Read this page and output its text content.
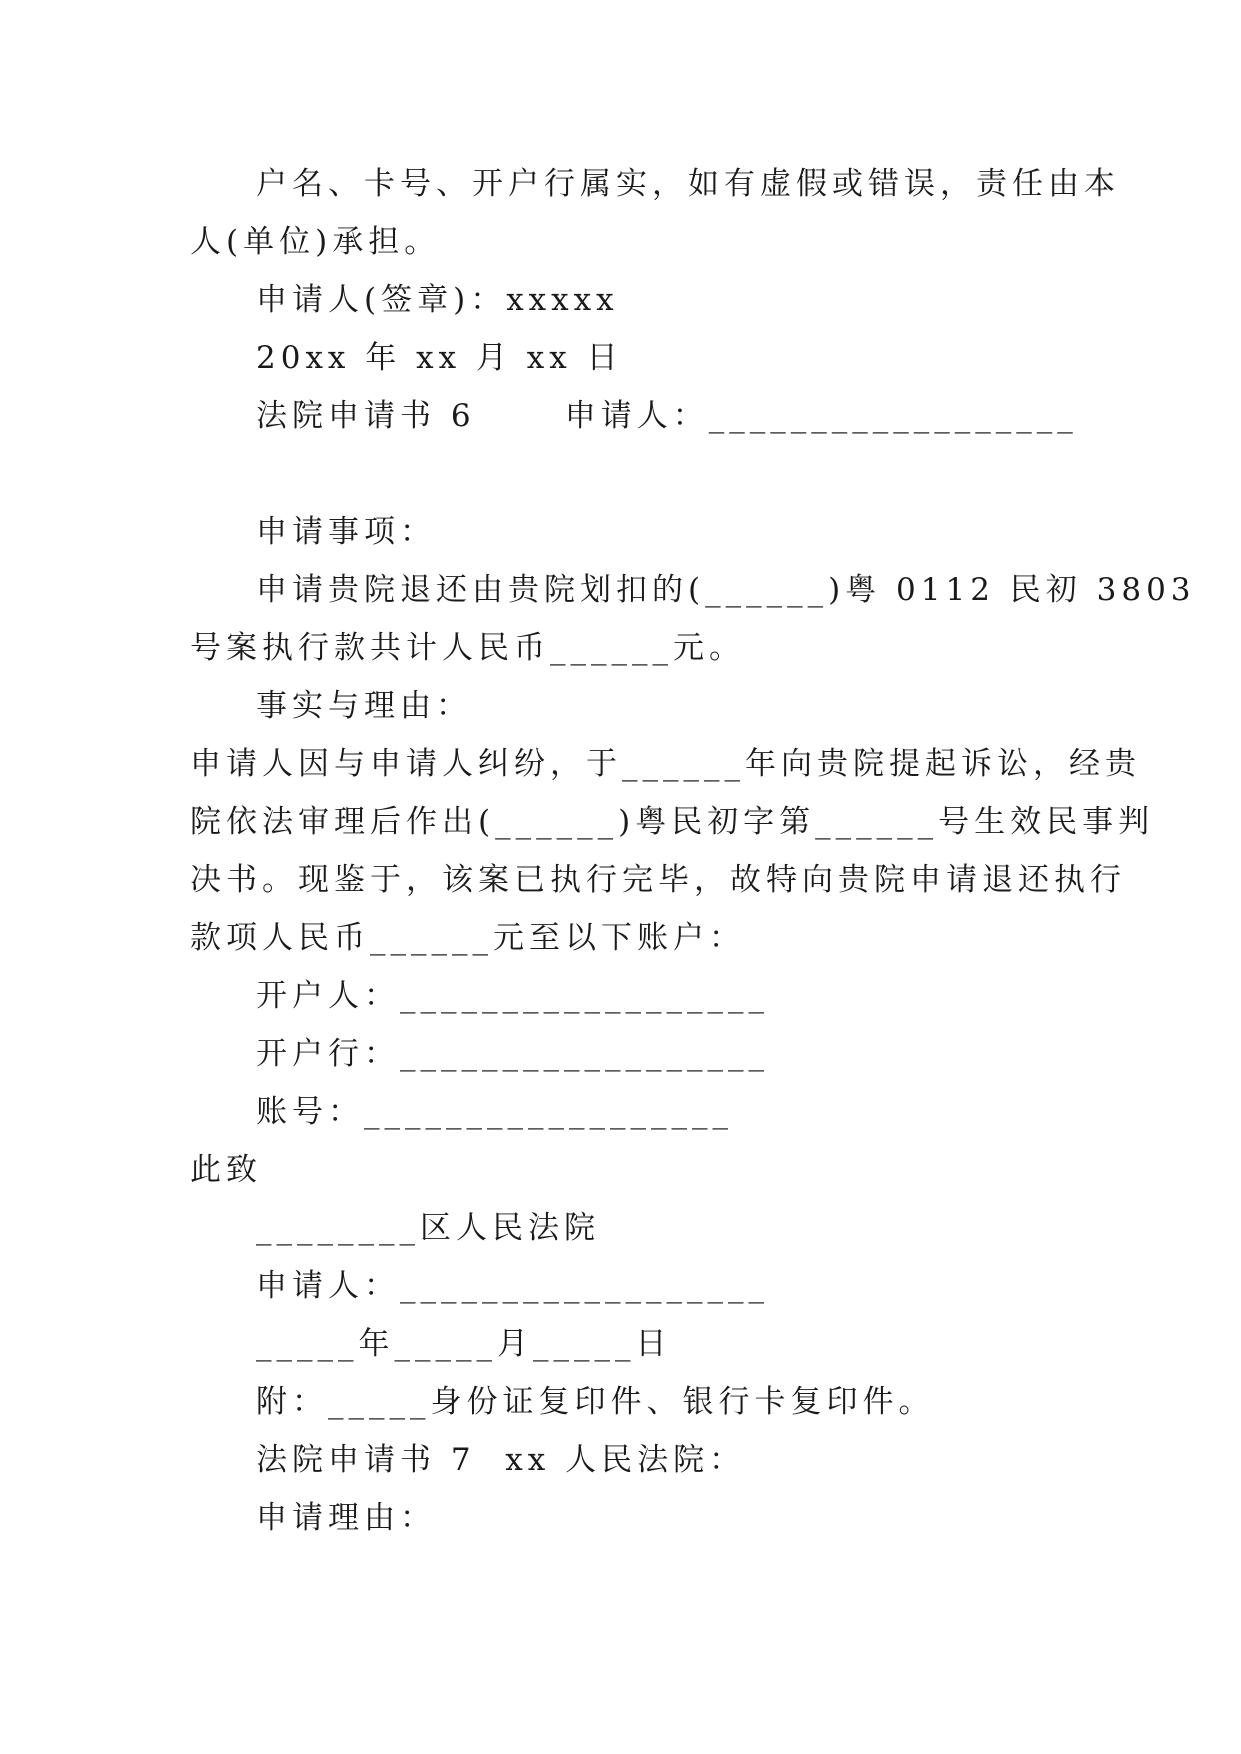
户名、卡号、开户行属实，如有虚假或错误，责任由本
人(单位)承担。
申请人(签章)：xxxxx
20xx 年 xx 月 xx 日
法院申请书 6      申请人：__________________
申请事项：
申请贵院退还由贵院划扣的(______)粤 0112 民初 3803
号案执行款共计人民币______元。
事实与理由：
申请人因与申请人纠纷，于______年向贵院提起诉讼，经贵
院依法审理后作出(______)粤民初字第______号生效民事判
决书。现鉴于，该案已执行完毕，故特向贵院申请退还执行
款项人民币______元至以下账户：
开户人：__________________
开户行：__________________
账号：__________________
此致
________区人民法院
申请人：__________________
_____年_____月_____日
附：_____身份证复印件、银行卡复印件。
法院申请书 7  xx 人民法院：
申请理由：
